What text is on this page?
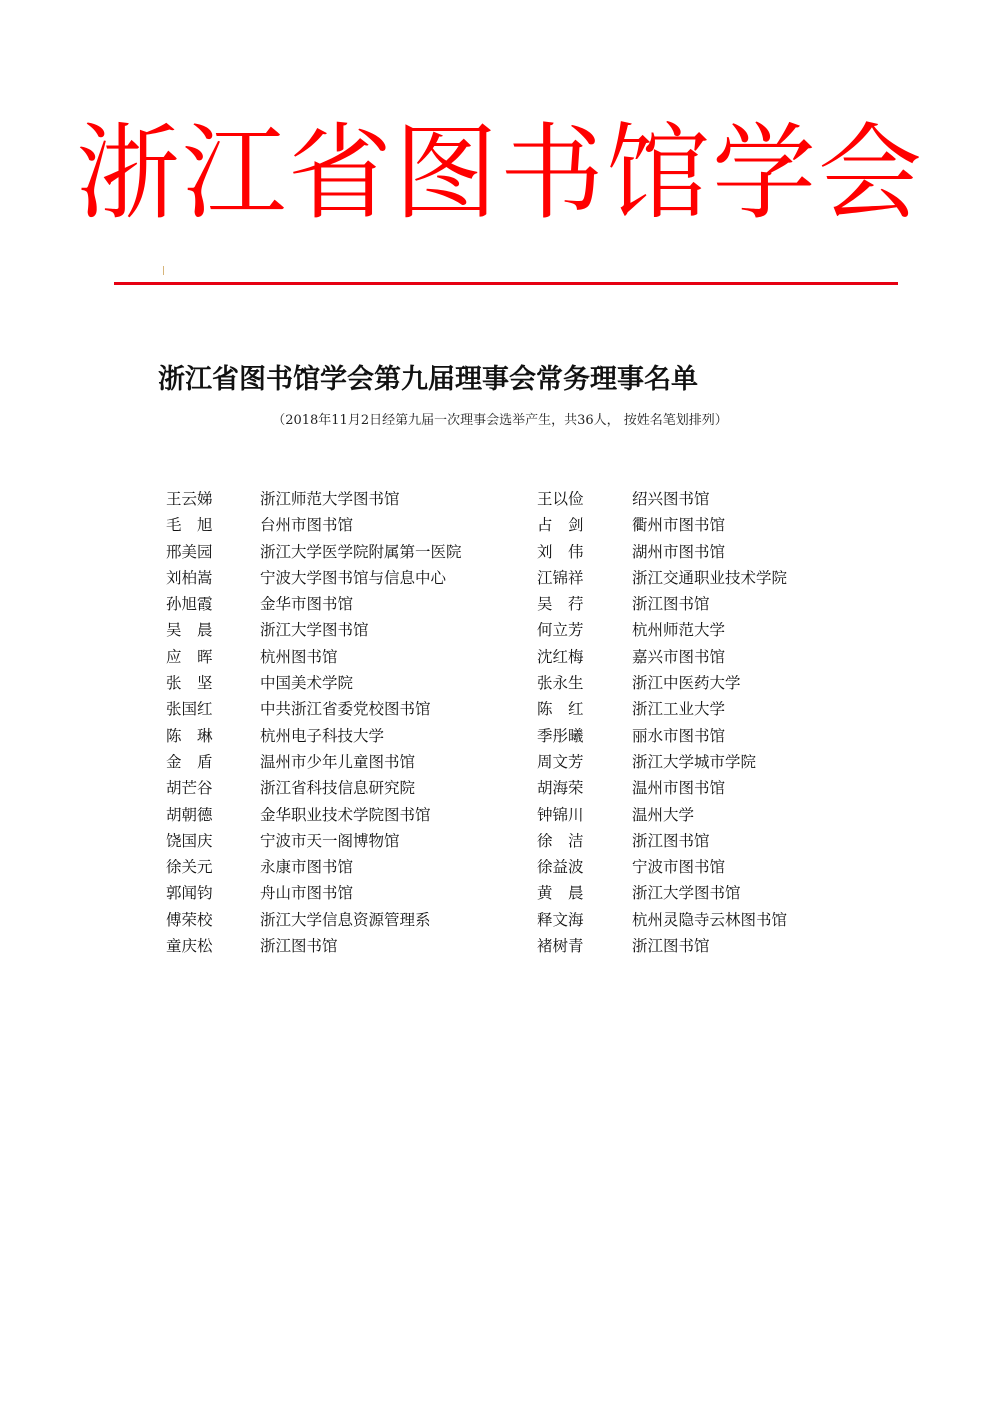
浙江省图书馆学会
浙江省图书馆学会第九届理事会常务理事名单
（2018年11月2日经第九届一次理事会选举产生，共36人， 按姓名笔划排列）
王云娣	浙江师范大学图书馆	王以俭	绍兴图书馆
毛　旭	台州市图书馆	占　剑	衢州市图书馆
邢美园	浙江大学医学院附属第一医院	刘　伟	湖州市图书馆
刘柏嵩	宁波大学图书馆与信息中心	江锦祥	浙江交通职业技术学院
孙旭霞	金华市图书馆	吴　荇	浙江图书馆
吴　晨	浙江大学图书馆	何立芳	杭州师范大学
应　晖	杭州图书馆	沈红梅	嘉兴市图书馆
张　坚	中国美术学院	张永生	浙江中医药大学
张国红	中共浙江省委党校图书馆	陈　红	浙江工业大学
陈　琳	杭州电子科技大学	季彤曦	丽水市图书馆
金　盾	温州市少年儿童图书馆	周文芳	浙江大学城市学院
胡芒谷	浙江省科技信息研究院	胡海荣	温州市图书馆
胡朝德	金华职业技术学院图书馆	钟锦川	温州大学
饶国庆	宁波市天一阁博物馆	徐　洁	浙江图书馆
徐关元	永康市图书馆	徐益波	宁波市图书馆
郭闻钧	舟山市图书馆	黄　晨	浙江大学图书馆
傅荣校	浙江大学信息资源管理系	释文海	杭州灵隐寺云林图书馆
童庆松	浙江图书馆	褚树青	浙江图书馆
